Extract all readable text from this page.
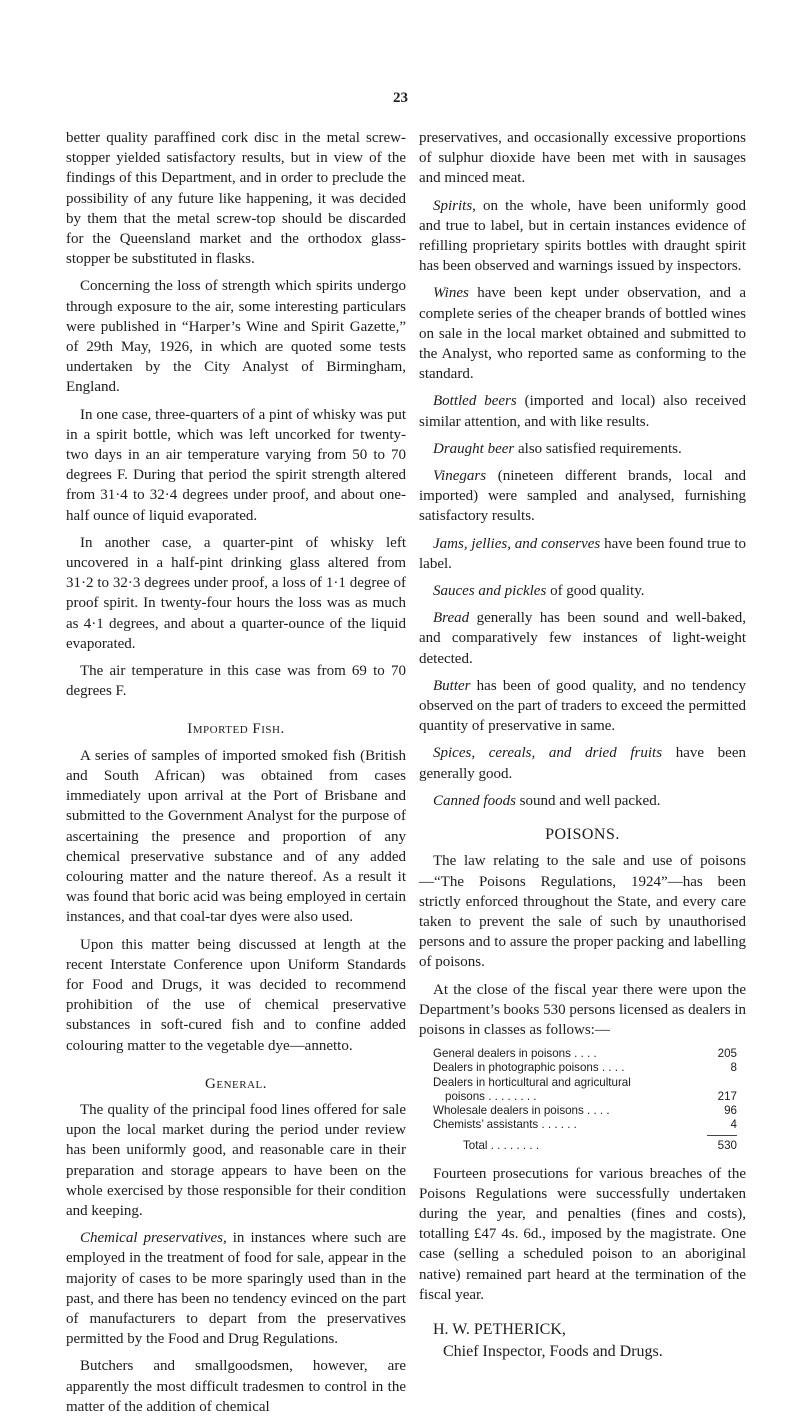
23

better quality paraffined cork disc in the metal screw-stopper yielded satisfactory results, but in view of the findings of this Department, and in order to preclude the possibility of any future like happening, it was decided by them that the metal screw-top should be discarded for the Queensland market and the orthodox glass-stopper be substituted in flasks.

Concerning the loss of strength which spirits undergo through exposure to the air, some interesting particulars were published in “Harper’s Wine and Spirit Gazette,” of 29th May, 1926, in which are quoted some tests undertaken by the City Analyst of Birmingham, England.

In one case, three-quarters of a pint of whisky was put in a spirit bottle, which was left uncorked for twenty-two days in an air temperature varying from 50 to 70 degrees F. During that period the spirit strength altered from 31·4 to 32·4 degrees under proof, and about one-half ounce of liquid evaporated.

In another case, a quarter-pint of whisky left uncovered in a half-pint drinking glass altered from 31·2 to 32·3 degrees under proof, a loss of 1·1 degree of proof spirit. In twenty-four hours the loss was as much as 4·1 degrees, and about a quarter-ounce of the liquid evaporated.

The air temperature in this case was from 69 to 70 degrees F.

Imported Fish.

A series of samples of imported smoked fish (British and South African) was obtained from cases immediately upon arrival at the Port of Brisbane and submitted to the Government Analyst for the purpose of ascertaining the presence and proportion of any chemical preservative substance and of any added colouring matter and the nature thereof. As a result it was found that boric acid was being employed in certain instances, and that coal-tar dyes were also used.

Upon this matter being discussed at length at the recent Interstate Conference upon Uniform Standards for Food and Drugs, it was decided to recommend prohibition of the use of chemical preservative substances in soft-cured fish and to confine added colouring matter to the vegetable dye—annetto.

General.

The quality of the principal food lines offered for sale upon the local market during the period under review has been uniformly good, and reasonable care in their preparation and storage appears to have been on the whole exercised by those responsible for their condition and keeping.

Chemical preservatives, in instances where such are employed in the treatment of food for sale, appear in the majority of cases to be more sparingly used than in the past, and there has been no tendency evinced on the part of manufacturers to depart from the preservatives permitted by the Food and Drug Regulations.

Butchers and smallgoodsmen, however, are apparently the most difficult tradesmen to control in the matter of the addition of chemical

preservatives, and occasionally excessive proportions of sulphur dioxide have been met with in sausages and minced meat.

Spirits, on the whole, have been uniformly good and true to label, but in certain instances evidence of refilling proprietary spirits bottles with draught spirit has been observed and warnings issued by inspectors.

Wines have been kept under observation, and a complete series of the cheaper brands of bottled wines on sale in the local market obtained and submitted to the Analyst, who reported same as conforming to the standard.

Bottled beers (imported and local) also received similar attention, and with like results.

Draught beer also satisfied requirements.

Vinegars (nineteen different brands, local and imported) were sampled and analysed, furnishing satisfactory results.

Jams, jellies, and conserves have been found true to label.

Sauces and pickles of good quality.

Bread generally has been sound and well-baked, and comparatively few instances of light-weight detected.

Butter has been of good quality, and no tendency observed on the part of traders to exceed the permitted quantity of preservative in same.

Spices, cereals, and dried fruits have been generally good.

Canned foods sound and well packed.

POISONS.

The law relating to the sale and use of poisons —“The Poisons Regulations, 1924”—has been strictly enforced throughout the State, and every care taken to prevent the sale of such by unauthorised persons and to assure the proper packing and labelling of poisons.

At the close of the fiscal year there were upon the Department’s books 530 persons licensed as dealers in poisons in classes as follows:—

General dealers in poisons . . . .	205
Dealers in photographic poisons . . . .	8
Dealers in horticultural and agricultural
poisons . . . . . . . .	217
Wholesale dealers in poisons . . . .	96
Chemists’ assistants . . . . . .	4
Total . . . . . . . .	530

Fourteen prosecutions for various breaches of the Poisons Regulations were successfully undertaken during the year, and penalties (fines and costs), totalling £47 4s. 6d., imposed by the magistrate. One case (selling a scheduled poison to an aboriginal native) remained part heard at the termination of the fiscal year.

H. W. PETHERICK,
Chief Inspector, Foods and Drugs.
